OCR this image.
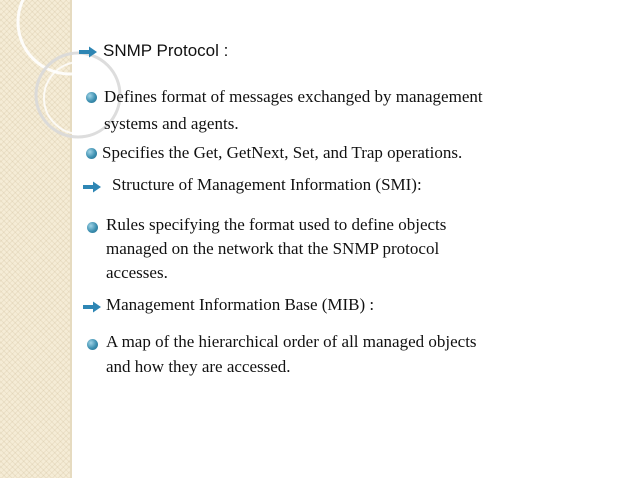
SNMP Protocol :
Defines format of messages exchanged by management
systems and agents.
Specifies the Get, GetNext, Set, and Trap operations.
Structure of Management Information (SMI):
Rules specifying the format used to define objects
managed on the network that the SNMP protocol
accesses.
Management Information Base (MIB) :
A map of the hierarchical order of all managed objects
and how they are accessed.
